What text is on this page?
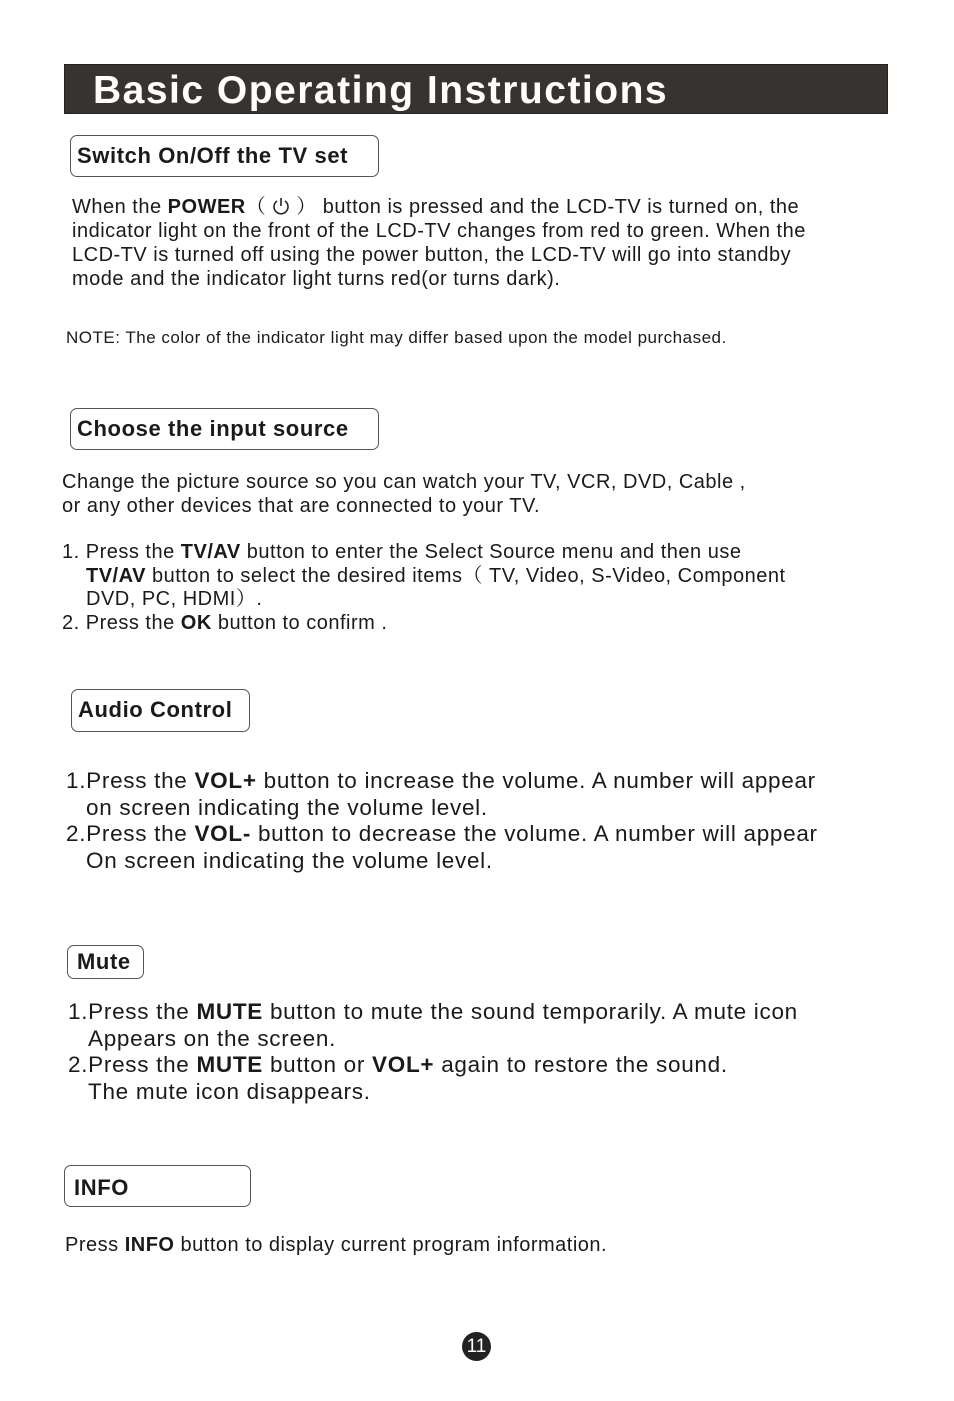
Basic Operating Instructions
Switch On/Off the TV set
When the POWER（ ） button is pressed and the LCD-TV is turned on, the
indicator light on the front of the LCD-TV changes from red to green. When the
LCD-TV is turned off using the power button, the LCD-TV will go into standby
mode and the indicator light turns red(or turns dark).
NOTE: The color of the indicator light may differ based upon the model purchased.
Choose the input source
Change the picture source so you can watch your TV, VCR, DVD, Cable ,
or any other devices that are connected to your TV.
1. Press the TV/AV button to enter the Select Source menu and then use
TV/AV button to select the desired items（ TV, Video, S-Video, Component
DVD, PC, HDMI）.
2. Press the OK button to confirm .
Audio Control
1.Press the VOL+ button to increase the volume. A number will appear
on screen indicating the volume level.
2.Press the VOL- button to decrease the volume. A number will appear
On screen indicating the volume level.
Mute
1.Press the MUTE button to mute the sound temporarily. A mute icon
Appears on the screen.
2.Press the MUTE button or VOL+ again to restore the sound.
The mute icon disappears.
INFO
Press INFO button to display current program information.
11
